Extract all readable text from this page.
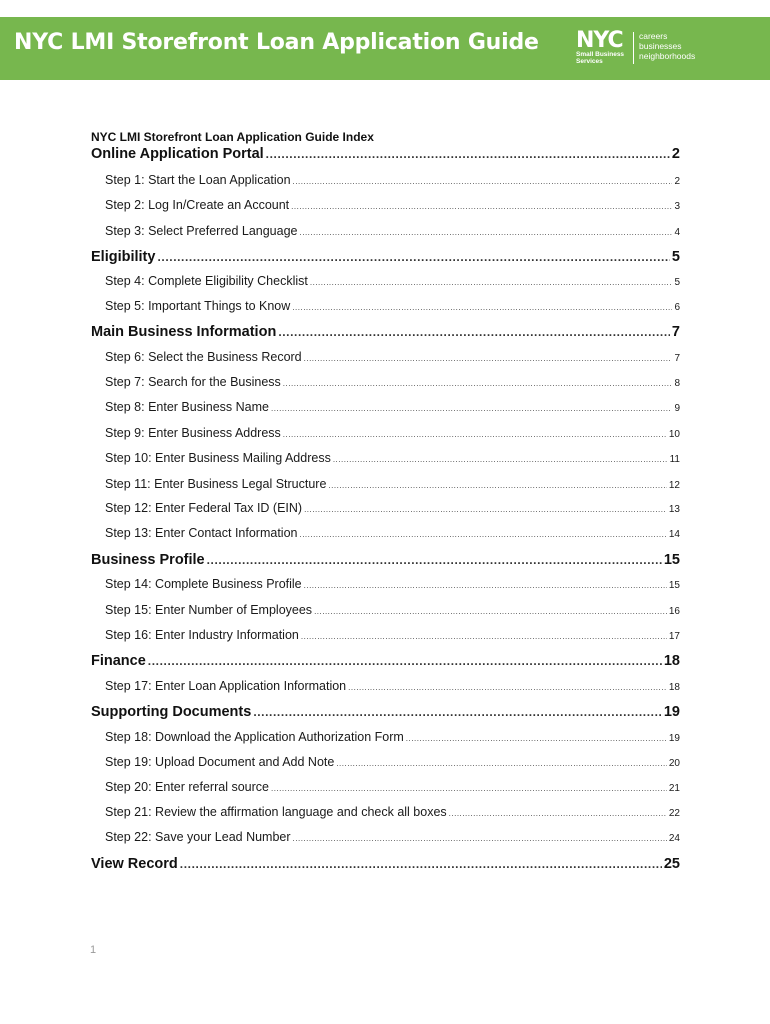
NYC LMI Storefront Loan Application Guide NYC
Small Business
Services
careers
businesses
neighborhoods
NYC LMI Storefront Loan Application Guide Index
Online Application Portal .....	2
Step 1: Start the Loan Application .....	2
Step 2: Log In/Create an Account .....	3
Step 3: Select Preferred Language .....	4
Eligibility .....	5
Step 4: Complete Eligibility Checklist .....	5
Step 5: Important Things to Know .....	6
Main Business Information .....	7
Step 6: Select the Business Record .....	7
Step 7: Search for the Business .....	8
Step 8: Enter Business Name .....	9
Step 9: Enter Business Address .....	10
Step 10: Enter Business Mailing Address .....	11
Step 11: Enter Business Legal Structure .....	12
Step 12: Enter Federal Tax ID (EIN) .....	13
Step 13: Enter Contact Information .....	14
Business Profile .....	15
Step 14: Complete Business Profile .....	15
Step 15: Enter Number of Employees .....	16
Step 16: Enter Industry Information .....	17
Finance .....	18
Step 17: Enter Loan Application Information .....	18
Supporting Documents .....	19
Step 18: Download the Application Authorization Form .....	19
Step 19: Upload Document and Add Note .....	20
Step 20: Enter referral source .....	21
Step 21: Review the affirmation language and check all boxes .....	22
Step 22: Save your Lead Number .....	24
View Record .....	25
1
